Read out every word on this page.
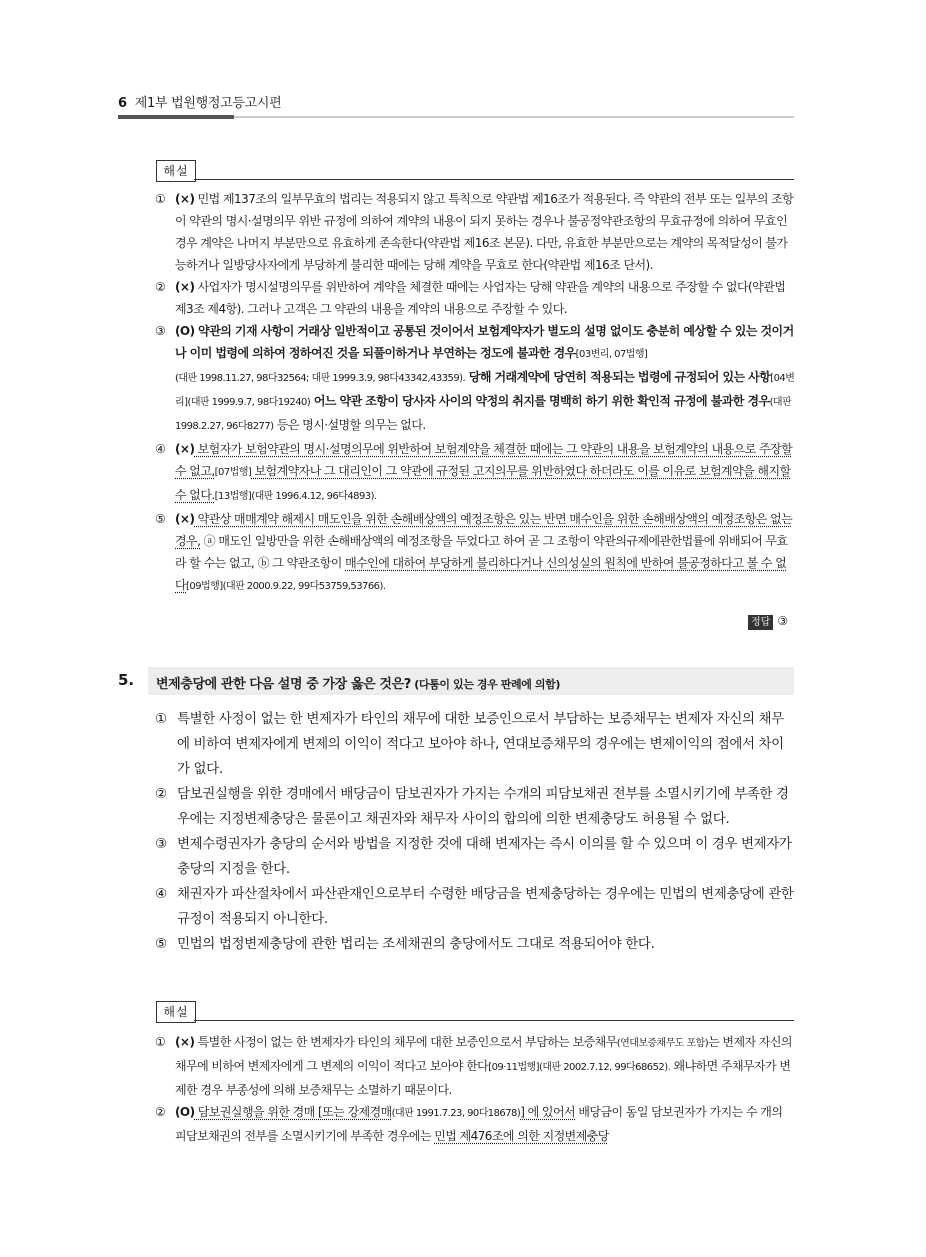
6 제1부 법원행정고등고시편
해설
① (×) 민법 제137조의 일부무효의 법리는 적용되지 않고 특칙으로 약관법 제16조가 적용된다. 즉 약관의 전부 또는 일부의 조항이 약관의 명시·설명의무 위반 규정에 의하여 계약의 내용이 되지 못하는 경우나 불공정약관조항의 무효규정에 의하여 무효인 경우 계약은 나머지 부분만으로 유효하게 존속한다(약관법 제16조 본문). 다만, 유효한 부분만으로는 계약의 목적달성이 불가능하거나 일방당사자에게 부당하게 불리한 때에는 당해 계약을 무효로 한다(약관법 제16조 단서).
② (×) 사업자가 명시설명의무를 위반하여 계약을 체결한 때에는 사업자는 당해 약관을 계약의 내용으로 주장할 수 없다(약관법 제3조 제4항). 그러나 고객은 그 약관의 내용을 계약의 내용으로 주장할 수 있다.
③ (O) 약관의 기재 사항이 거래상 일반적이고 공통된 것이어서 보험계약자가 별도의 설명 없이도 충분히 예상할 수 있는 것이거나 이미 법령에 의하여 정하여진 것을 되풀이하거나 부연하는 정도에 불과한 경우[03변리, 07법행]
(대판 1998.11.27, 98다32564; 대판 1999.3.9, 98다43342,43359). 당해 거래계약에 당연히 적용되는 법령에 규정되어 있는 사항[04변리](대판 1999.9.7, 98다19240) 어느 약관 조항이 당사자 사이의 약정의 취지를 명백히 하기 위한 확인적 규정에 불과한 경우(대판 1998.2.27, 96다8277) 등은 명시·설명할 의무는 없다.
④ (×) 보험자가 보험약관의 명시·설명의무에 위반하여 보험계약을 체결한 때에는 그 약관의 내용을 보험계약의 내용으로 주장할 수 없고,[07법행] 보험계약자나 그 대리인이 그 약관에 규정된 고지의무를 위반하였다 하더라도 이를 이유로 보험계약을 해지할 수 없다.[13법행](대판 1996.4.12, 96다4893).
⑤ (×) 약관상 매매계약 해제시 매도인을 위한 손해배상액의 예정조항은 있는 반면 매수인을 위한 손해배상액의 예정조항은 없는 경우, ⓐ 매도인 일방만을 위한 손해배상액의 예정조항을 두었다고 하여 곧 그 조항이 약관의규제에관한법률에 위배되어 무효라 할 수는 없고, ⓑ 그 약관조항이 매수인에 대하여 부당하게 불리하다거나 신의성실의 원칙에 반하여 불공정하다고 볼 수 없다[09법행](대판 2000.9.22, 99다53759,53766).
정답 ③
5. 변제충당에 관한 다음 설명 중 가장 옳은 것은? (다툼이 있는 경우 판례에 의함)
① 특별한 사정이 없는 한 변제자가 타인의 채무에 대한 보증인으로서 부담하는 보증채무는 변제자 자신의 채무에 비하여 변제자에게 변제의 이익이 적다고 보아야 하나, 연대보증채무의 경우에는 변제이익의 점에서 차이가 없다.
② 담보권실행을 위한 경매에서 배당금이 담보권자가 가지는 수개의 피담보채권 전부를 소멸시키기에 부족한 경우에는 지정변제충당은 물론이고 채권자와 채무자 사이의 합의에 의한 변제충당도 허용될 수 없다.
③ 변제수령권자가 충당의 순서와 방법을 지정한 것에 대해 변제자는 즉시 이의를 할 수 있으며 이 경우 변제자가 충당의 지정을 한다.
④ 채권자가 파산절차에서 파산관재인으로부터 수령한 배당금을 변제충당하는 경우에는 민법의 변제충당에 관한 규정이 적용되지 아니한다.
⑤ 민법의 법정변제충당에 관한 법리는 조세채권의 충당에서도 그대로 적용되어야 한다.
해설
① (×) 특별한 사정이 없는 한 변제자가 타인의 채무에 대한 보증인으로서 부담하는 보증채무(연대보증채무도 포함)는 변제자 자신의 채무에 비하여 변제자에게 그 변제의 이익이 적다고 보아야 한다[09·11법행](대판 2002.7.12, 99다68652). 왜냐하면 주채무자가 변제한 경우 부종성에 의해 보증채무는 소멸하기 때문이다.
② (O) 담보권실행을 위한 경매 [또는 강제경매(대판 1991.7.23, 90다18678)] 에 있어서 배당금이 동일 담보권자가 가지는 수 개의 피담보채권의 전부를 소멸시키기에 부족한 경우에는 민법 제476조에 의한 지정변제충당
